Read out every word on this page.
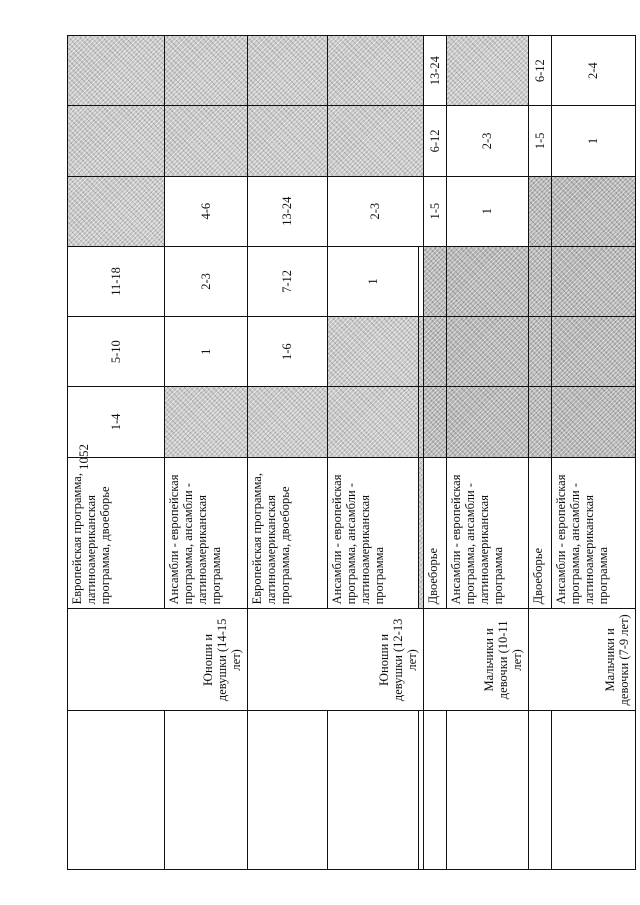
1052
	Юноши и девушки (14-15 лет)	Европейская программа, латиноамериканская программа, двоеборье	1-4	5-10	11-18			
		Ансамбли - европейская программа, ансамбли - латиноамериканская программа		1	2-3	4-6		
	Юноши и девушки (12-13 лет)	Европейская программа, латиноамериканская программа, двоеборье		1-6	7-12	13-24		
		Ансамбли - европейская программа, ансамбли - латиноамериканская программа			1	2-3		

	Мальчики и девочки (10-11 лет)	Двоеборье				1-5	6-12	13-24
		Ансамбли - европейская программа, ансамбли - латиноамериканская программа				1	2-3	
	Мальчики и девочки (7-9 лет)	Двоеборье					1-5	6-12
		Ансамбли - европейская программа, ансамбли - латиноамериканская программа					1	2-4
